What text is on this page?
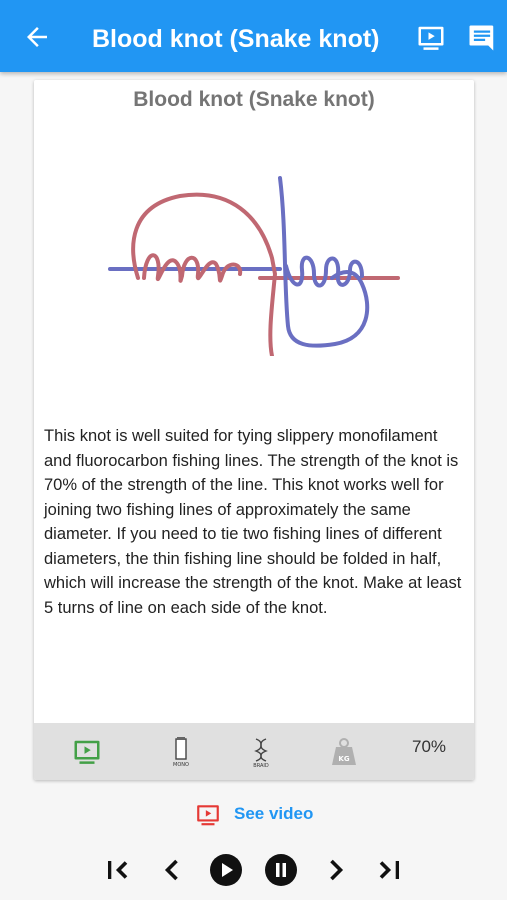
Blood knot (Snake knot)
Blood knot (Snake knot)
This knot is well suited for tying slippery monofilament and fluorocarbon fishing lines. The strength of the knot is 70% of the strength of the line. This knot works well for joining two fishing lines of approximately the same diameter. If you need to tie two fishing lines of different diameters, the thin fishing line should be folded in half, which will increase the strength of the knot. Make at least 5 turns of line on each side of the knot.
MONO	BRAID
KG
70%
See video
